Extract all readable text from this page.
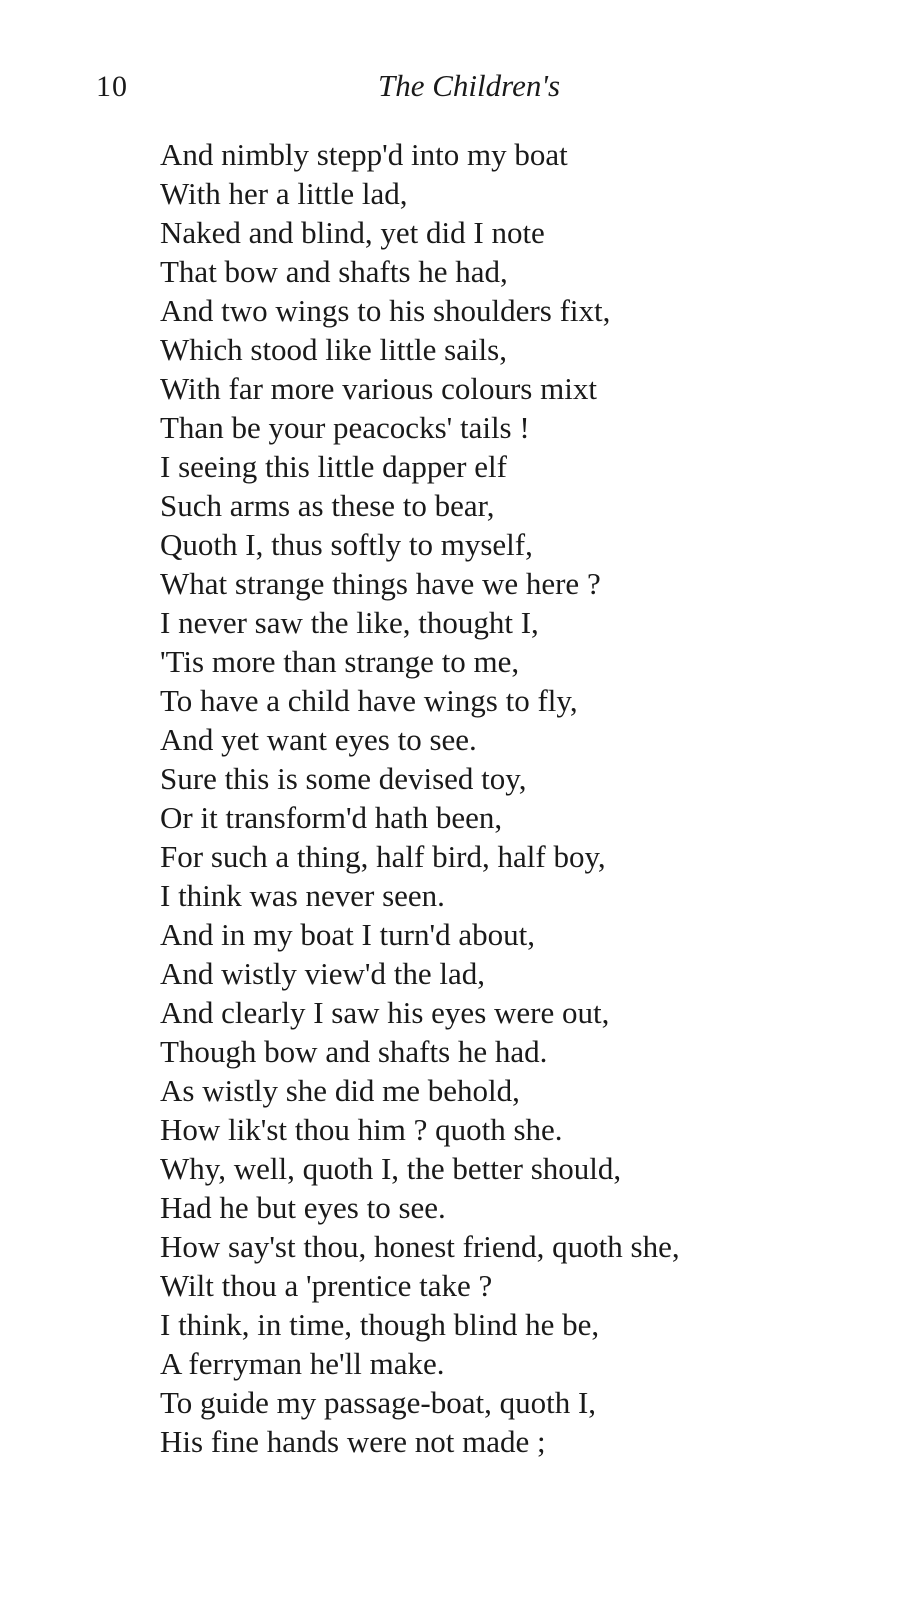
10	The Children's
And nimbly stepp'd into my boat
With her a little lad,
Naked and blind, yet did I note
That bow and shafts he had,
And two wings to his shoulders fixt,
Which stood like little sails,
With far more various colours mixt
Than be your peacocks' tails !
I seeing this little dapper elf
Such arms as these to bear,
Quoth I, thus softly to myself,
What strange things have we here ?
I never saw the like, thought I,
'Tis more than strange to me,
To have a child have wings to fly,
And yet want eyes to see.
Sure this is some devised toy,
Or it transform'd hath been,
For such a thing, half bird, half boy,
I think was never seen.
And in my boat I turn'd about,
And wistly view'd the lad,
And clearly I saw his eyes were out,
Though bow and shafts he had.
As wistly she did me behold,
How lik'st thou him ? quoth she.
Why, well, quoth I, the better should,
Had he but eyes to see.
How say'st thou, honest friend, quoth she,
Wilt thou a 'prentice take ?
I think, in time, though blind he be,
A ferryman he'll make.
To guide my passage-boat, quoth I,
His fine hands were not made ;
